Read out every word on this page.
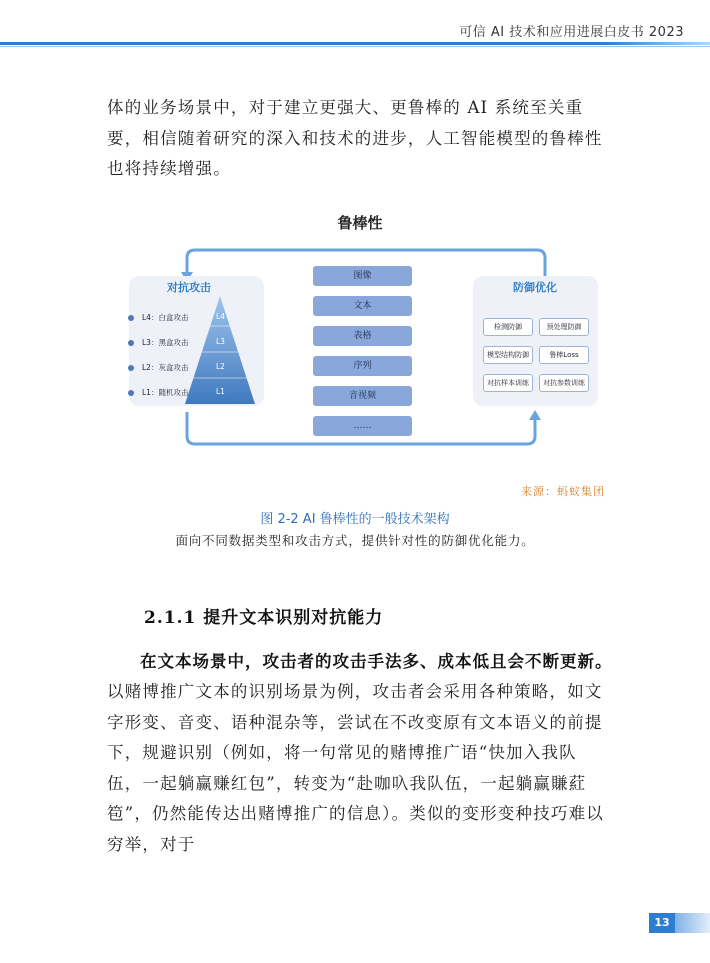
可信 AI 技术和应用进展白皮书 2023

体的业务场景中，对于建立更强大、更鲁棒的 AI 系统至关重要，相信随着研究的深入和技术的进步，人工智能模型的鲁棒性也将持续增强。

鲁棒性
对抗攻击
L4：白盒攻击
L3：黑盒攻击
L2：灰盒攻击
L1：随机攻击
L4
L3
L2
L1
图像
文本
表格
序列
音视频
……
防御优化
检测防御	预处理防御
模型结构防御	鲁棒Loss
对抗样本训练	对抗参数训练
来源：蚂蚁集团
图 2-2 AI 鲁棒性的一般技术架构
面向不同数据类型和攻击方式，提供针对性的防御优化能力。
2.1.1 提升文本识别对抗能力
在文本场景中，攻击者的攻击手法多、成本低且会不断更新。

以赌博推广文本的识别场景为例，攻击者会采用各种策略，如文字形变、音变、语种混杂等，尝试在不改变原有文本语义的前提下，规避识别（例如，将一句常见的赌博推广语“快加入我队伍，一起躺赢赚红包”，转变为“赴咖叺我队伍，一起躺赢賺葒笣”，仍然能传达出赌博推广的信息）。类似的变形变种技巧难以穷举，对于

13
